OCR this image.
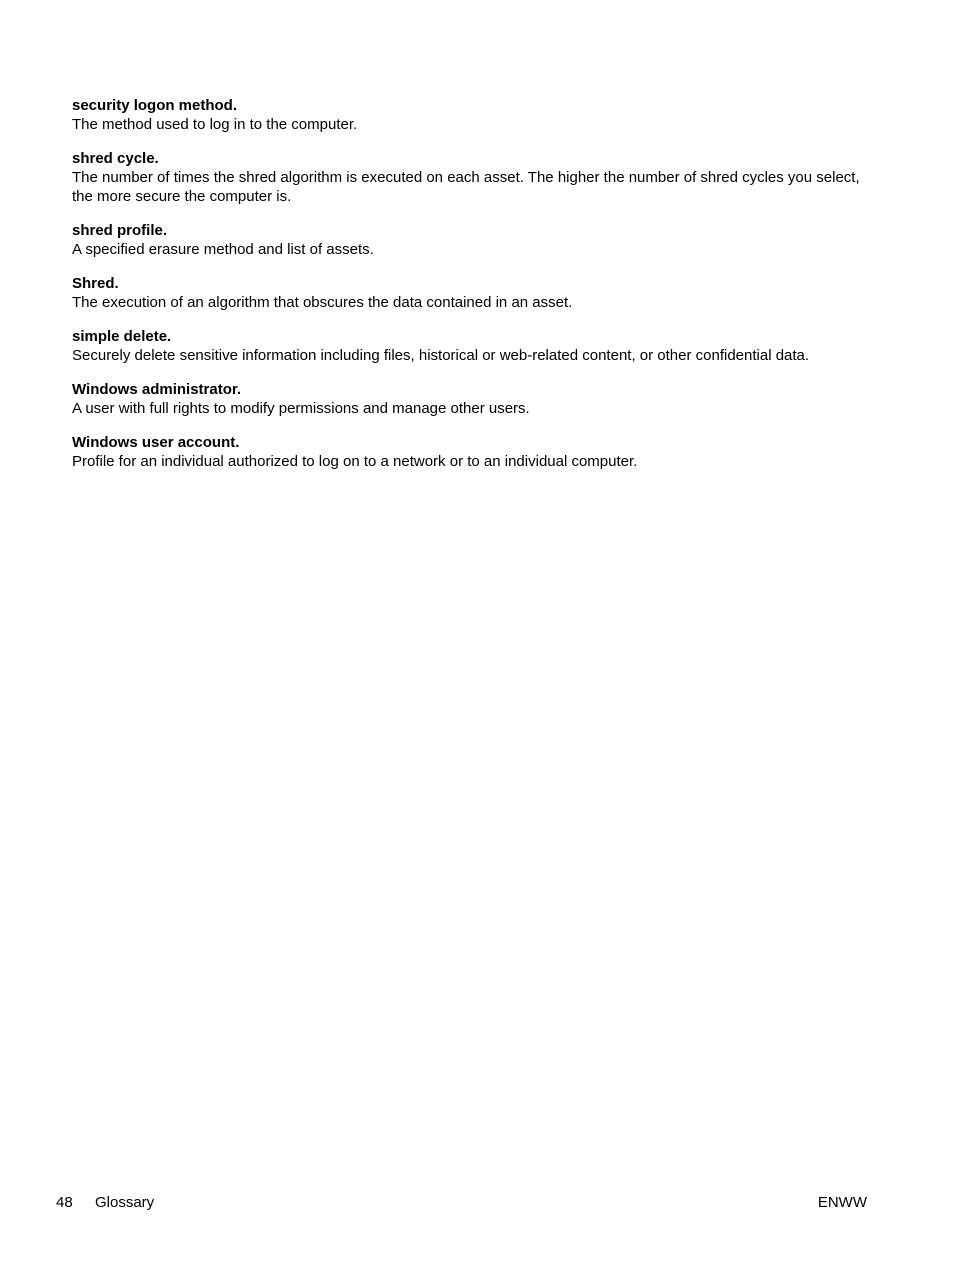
security logon method.
The method used to log in to the computer.
shred cycle.
The number of times the shred algorithm is executed on each asset. The higher the number of shred cycles you select, the more secure the computer is.
shred profile.
A specified erasure method and list of assets.
Shred.
The execution of an algorithm that obscures the data contained in an asset.
simple delete.
Securely delete sensitive information including files, historical or web-related content, or other confidential data.
Windows administrator.
A user with full rights to modify permissions and manage other users.
Windows user account.
Profile for an individual authorized to log on to a network or to an individual computer.
48 Glossary	ENWW
